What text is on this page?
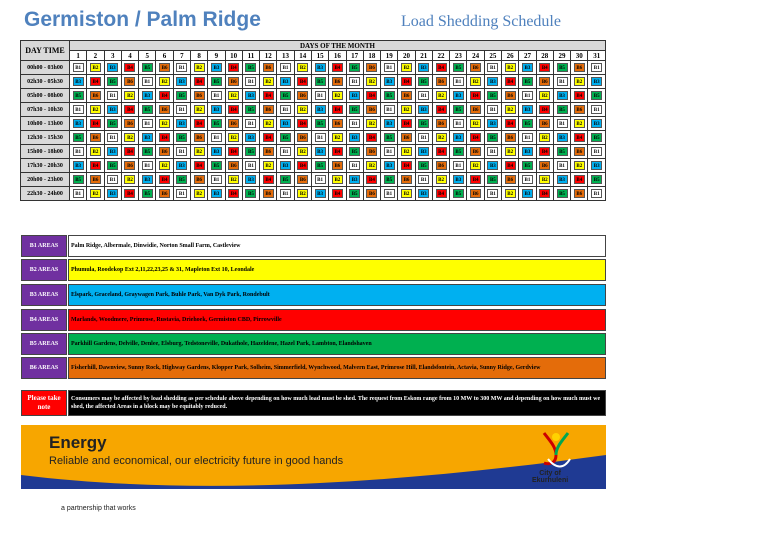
Germiston / Palm Ridge	Load Shedding Schedule
DAY TIME	DAYS OF THE MONTH																														
	1	2	3	4	5	6	7	8	9	10	11	12	13	14	15	16	17	18	19	20	21	22	23	24	25	26	27	28	29	30	31
00h00 - 03h00	B1	B2	B3	B4	B5	B6	B1	B2	B3	B4	B5	B6	B1	B2	B3	B4	B5	B6	B1	B2	B3	B4	B5	B6	B1	B2	B3	B4	B5	B6	B1

02h30 - 05h30	B3	B4	B5	B6	B1	B2	B3	B4	B5	B6	B1	B2	B3	B4	B5	B6	B1	B2	B3	B4	B5	B6	B1	B2	B3	B4	B5	B6	B1	B2	B3

05h00 - 08h00	B5	B6	B1	B2	B3	B4	B5	B6	B1	B2	B3	B4	B5	B6	B1	B2	B3	B4	B5	B6	B1	B2	B3	B4	B5	B6	B1	B2	B3	B4	B5

07h30 - 10h30	B1	B2	B3	B4	B5	B6	B1	B2	B3	B4	B5	B6	B1	B2	B3	B4	B5	B6	B1	B2	B3	B4	B5	B6	B1	B2	B3	B4	B5	B6	B1

10h00 - 13h00	B3	B4	B5	B6	B1	B2	B3	B4	B5	B6	B1	B2	B3	B4	B5	B6	B1	B2	B3	B4	B5	B6	B1	B2	B3	B4	B5	B6	B1	B2	B3

12h30 - 15h30	B5	B6	B1	B2	B3	B4	B5	B6	B1	B2	B3	B4	B5	B6	B1	B2	B3	B4	B5	B6	B1	B2	B3	B4	B5	B6	B1	B2	B3	B4	B5

15h00 - 18h00	B1	B2	B3	B4	B5	B6	B1	B2	B3	B4	B5	B6	B1	B2	B3	B4	B5	B6	B1	B2	B3	B4	B5	B6	B1	B2	B3	B4	B5	B6	B1

17h30 - 20h30	B3	B4	B5	B6	B1	B2	B3	B4	B5	B6	B1	B2	B3	B4	B5	B6	B1	B2	B3	B4	B5	B6	B1	B2	B3	B4	B5	B6	B1	B2	B3

20h00 - 23h00	B5	B6	B1	B2	B3	B4	B5	B6	B1	B2	B3	B4	B5	B6	B1	B2	B3	B4	B5	B6	B1	B2	B3	B4	B5	B6	B1	B2	B3	B4	B5

22h30 - 24h00	B1	B2	B3	B4	B5	B6	B1	B2	B3	B4	B5	B6	B1	B2	B3	B4	B5	B6	B1	B2	B3	B4	B5	B6	B1	B2	B3	B4	B5	B6	B1
B1 AREAS	Palm Ridge, Albermale, Dinwidie, Norton Small Farm, Castleview
B2 AREAS	Phumula, Roodekop Ext 2,11,22,23,25 & 31, Mapleton Ext 10, Leondale
B3 AREAS	Elspark, Graceland, Graywagen Park, Buhle Park, Van Dyk Park, Rondebult
B4 AREAS	Marlands, Woodmere, Primrose, Rustavia, Driehoek, Germiston CBD, Pirrowville
B5 AREAS	Parkhill Gardens, Delville, Denlee, Elsburg, Tedstoneville, Dukathole, Hazeldene, Hazel Park, Lambton, Elandshaven
B6 AREAS	Fisherhill, Dawnview, Sunny Rock, Highway Gardens, Klopper Park, Solheim, Simmerfield, Wynchwood, Malvern East, Primrose Hill, Elandsfontein, Actavia, Sunny Ridge, Gerdview
Please take note
Consumers may be affected by load shedding as per schedule above depending on how much load must be shed. The request from Eskom range from 10 MW to 300 MW and depending on how much must we shed, the affected Areas in a block may be equitably reduced.
Energy
Reliable and economical, our electricity future in good hands
City of
Ekurhuleni
a partnership that works
